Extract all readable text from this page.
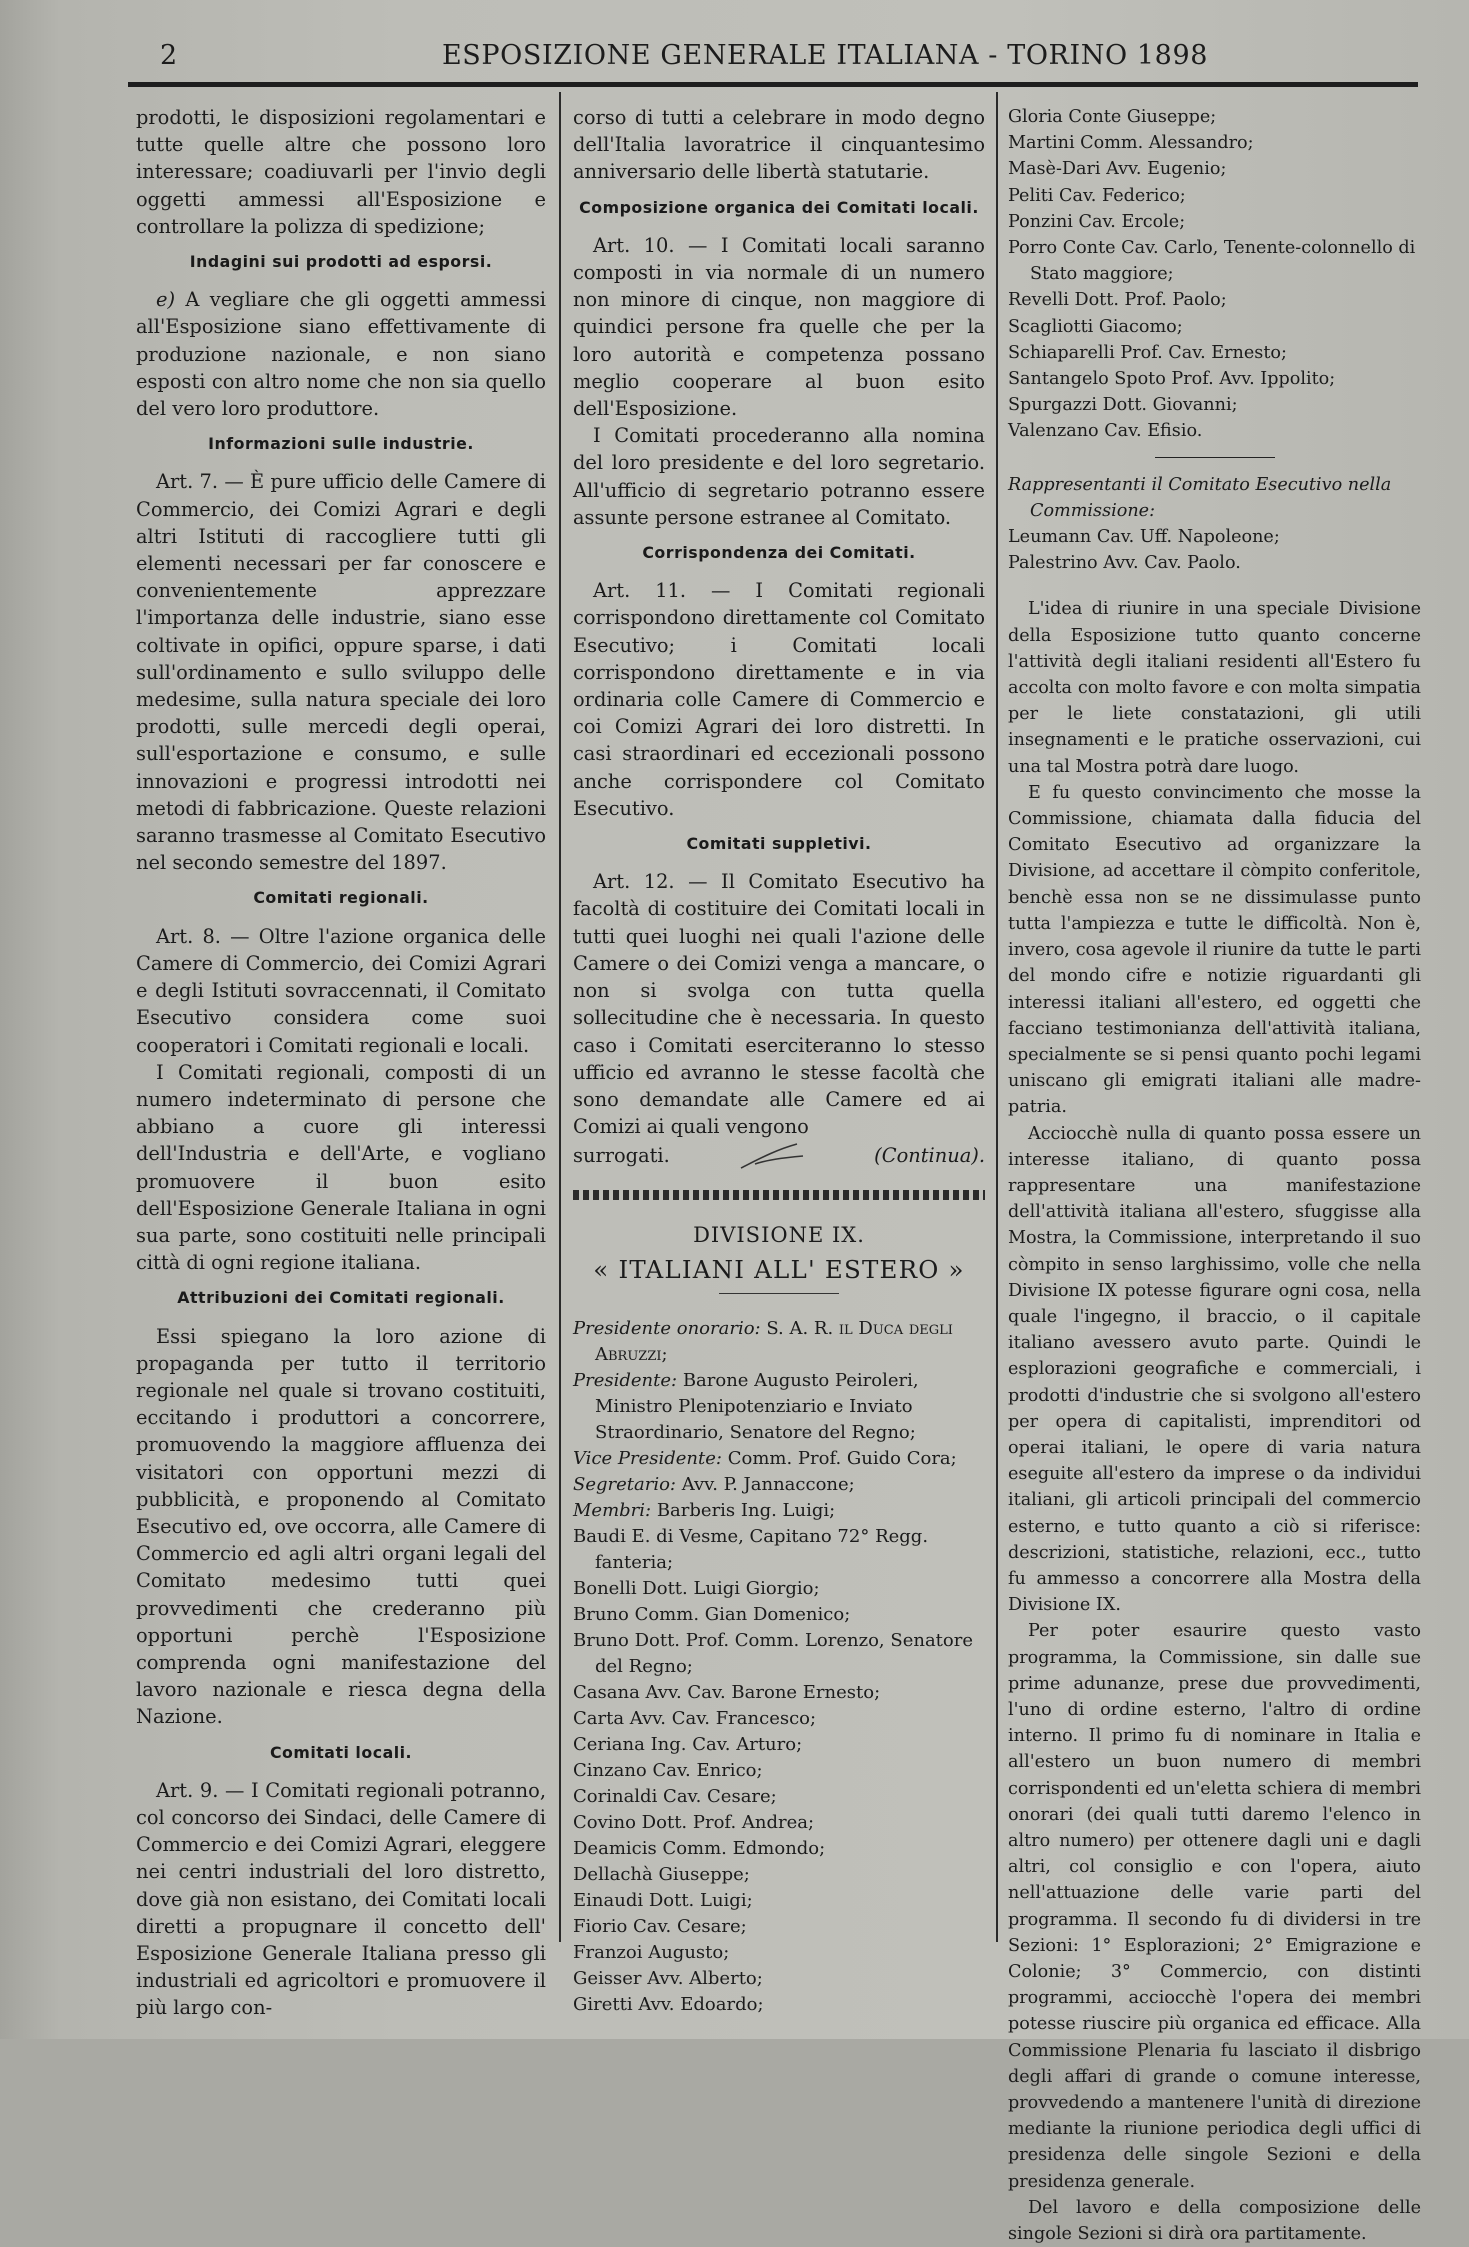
2	ESPOSIZIONE GENERALE ITALIANA - TORINO 1898

prodotti, le disposizioni regolamentari e tutte quelle altre che possono loro interessare; coadiuvarli per l'invio degli oggetti ammessi all'Esposizione e controllare la polizza di spedizione;

Indagini sui prodotti ad esporsi.

e) A vegliare che gli oggetti ammessi all'Esposizione siano effettivamente di produzione nazionale, e non siano esposti con altro nome che non sia quello del vero loro produttore.

Informazioni sulle industrie.

Art. 7. — È pure ufficio delle Camere di Commercio, dei Comizi Agrari e degli altri Istituti di raccogliere tutti gli elementi necessari per far conoscere e convenientemente apprezzare l'importanza delle industrie, siano esse coltivate in opifici, oppure sparse, i dati sull'ordinamento e sullo sviluppo delle medesime, sulla natura speciale dei loro prodotti, sulle mercedi degli operai, sull'esportazione e consumo, e sulle innovazioni e progressi introdotti nei metodi di fabbricazione. Queste relazioni saranno trasmesse al Comitato Esecutivo nel secondo semestre del 1897.

Comitati regionali.

Art. 8. — Oltre l'azione organica delle Camere di Commercio, dei Comizi Agrari e degli Istituti sovraccennati, il Comitato Esecutivo considera come suoi cooperatori i Comitati regionali e locali.

I Comitati regionali, composti di un numero indeterminato di persone che abbiano a cuore gli interessi dell'Industria e dell'Arte, e vogliano promuovere il buon esito dell'Esposizione Generale Italiana in ogni sua parte, sono costituiti nelle principali città di ogni regione italiana.

Attribuzioni dei Comitati regionali.

Essi spiegano la loro azione di propaganda per tutto il territorio regionale nel quale si trovano costituiti, eccitando i produttori a concorrere, promuovendo la maggiore affluenza dei visitatori con opportuni mezzi di pubblicità, e proponendo al Comitato Esecutivo ed, ove occorra, alle Camere di Commercio ed agli altri organi legali del Comitato medesimo tutti quei provvedimenti che crederanno più opportuni perchè l'Esposizione comprenda ogni manifestazione del lavoro nazionale e riesca degna della Nazione.

Comitati locali.

Art. 9. — I Comitati regionali potranno, col concorso dei Sindaci, delle Camere di Commercio e dei Comizi Agrari, eleggere nei centri industriali del loro distretto, dove già non esistano, dei Comitati locali diretti a propugnare il concetto dell' Esposizione Generale Italiana presso gli industriali ed agricoltori e promuovere il più largo con-

corso di tutti a celebrare in modo degno dell'Italia lavoratrice il cinquantesimo anniversario delle libertà statutarie.

Composizione organica dei Comitati locali.

Art. 10. — I Comitati locali saranno composti in via normale di un numero non minore di cinque, non maggiore di quindici persone fra quelle che per la loro autorità e competenza possano meglio cooperare al buon esito dell'Esposizione.

I Comitati procederanno alla nomina del loro presidente e del loro segretario. All'ufficio di segretario potranno essere assunte persone estranee al Comitato.

Corrispondenza dei Comitati.

Art. 11. — I Comitati regionali corrispondono direttamente col Comitato Esecutivo; i Comitati locali corrispondono direttamente e in via ordinaria colle Camere di Commercio e coi Comizi Agrari dei loro distretti. In casi straordinari ed eccezionali possono anche corrispondere col Comitato Esecutivo.

Comitati suppletivi.

Art. 12. — Il Comitato Esecutivo ha facoltà di costituire dei Comitati locali in tutti quei luoghi nei quali l'azione delle Camere o dei Comizi venga a mancare, o non si svolga con tutta quella sollecitudine che è necessaria. In questo caso i Comitati eserciteranno lo stesso ufficio ed avranno le stesse facoltà che sono demandate alle Camere ed ai Comizi ai quali vengono

surrogati.	(Continua).
DIVISIONE IX.
« ITALIANI ALL' ESTERO »

Presidente onorario: S. A. R. il Duca degli Abruzzi;

Presidente: Barone Augusto Peiroleri, Ministro Plenipotenziario e Inviato Straordinario, Senatore del Regno;

Vice Presidente: Comm. Prof. Guido Cora;

Segretario: Avv. P. Jannaccone;

Membri: Barberis Ing. Luigi;

Baudi E. di Vesme, Capitano 72° Regg. fanteria;

Bonelli Dott. Luigi Giorgio;

Bruno Comm. Gian Domenico;

Bruno Dott. Prof. Comm. Lorenzo, Senatore del Regno;

Casana Avv. Cav. Barone Ernesto;

Carta Avv. Cav. Francesco;

Ceriana Ing. Cav. Arturo;

Cinzano Cav. Enrico;

Corinaldi Cav. Cesare;

Covino Dott. Prof. Andrea;

Deamicis Comm. Edmondo;

Dellachà Giuseppe;

Einaudi Dott. Luigi;

Fiorio Cav. Cesare;

Franzoi Augusto;

Geisser Avv. Alberto;

Giretti Avv. Edoardo;

Gloria Conte Giuseppe;

Martini Comm. Alessandro;

Masè-Dari Avv. Eugenio;

Peliti Cav. Federico;

Ponzini Cav. Ercole;

Porro Conte Cav. Carlo, Tenente-colonnello di Stato maggiore;

Revelli Dott. Prof. Paolo;

Scagliotti Giacomo;

Schiaparelli Prof. Cav. Ernesto;

Santangelo Spoto Prof. Avv. Ippolito;

Spurgazzi Dott. Giovanni;

Valenzano Cav. Efisio.

Rappresentanti il Comitato Esecutivo nella Commissione:

Leumann Cav. Uff. Napoleone;

Palestrino Avv. Cav. Paolo.

L'idea di riunire in una speciale Divisione della Esposizione tutto quanto concerne l'attività degli italiani residenti all'Estero fu accolta con molto favore e con molta simpatia per le liete constatazioni, gli utili insegnamenti e le pratiche osservazioni, cui una tal Mostra potrà dare luogo.

E fu questo convincimento che mosse la Commissione, chiamata dalla fiducia del Comitato Esecutivo ad organizzare la Divisione, ad accettare il còmpito conferitole, benchè essa non se ne dissimulasse punto tutta l'ampiezza e tutte le difficoltà. Non è, invero, cosa agevole il riunire da tutte le parti del mondo cifre e notizie riguardanti gli interessi italiani all'estero, ed oggetti che facciano testimonianza dell'attività italiana, specialmente se si pensi quanto pochi legami uniscano gli emigrati italiani alle madre-patria.

Acciocchè nulla di quanto possa essere un interesse italiano, di quanto possa rappresentare una manifestazione dell'attività italiana all'estero, sfuggisse alla Mostra, la Commissione, interpretando il suo còmpito in senso larghissimo, volle che nella Divisione IX potesse figurare ogni cosa, nella quale l'ingegno, il braccio, o il capitale italiano avessero avuto parte. Quindi le esplorazioni geografiche e commerciali, i prodotti d'industrie che si svolgono all'estero per opera di capitalisti, imprenditori od operai italiani, le opere di varia natura eseguite all'estero da imprese o da individui italiani, gli articoli principali del commercio esterno, e tutto quanto a ciò si riferisce: descrizioni, statistiche, relazioni, ecc., tutto fu ammesso a concorrere alla Mostra della Divisione IX.

Per poter esaurire questo vasto programma, la Commissione, sin dalle sue prime adunanze, prese due provvedimenti, l'uno di ordine esterno, l'altro di ordine interno. Il primo fu di nominare in Italia e all'estero un buon numero di membri corrispondenti ed un'eletta schiera di membri onorari (dei quali tutti daremo l'elenco in altro numero) per ottenere dagli uni e dagli altri, col consiglio e con l'opera, aiuto nell'attuazione delle varie parti del programma. Il secondo fu di dividersi in tre Sezioni: 1° Esplorazioni; 2° Emigrazione e Colonie; 3° Commercio, con distinti programmi, acciocchè l'opera dei membri potesse riuscire più organica ed efficace. Alla Commissione Plenaria fu lasciato il disbrigo degli affari di grande o comune interesse, provvedendo a mantenere l'unità di direzione mediante la riunione periodica degli uffici di presidenza delle singole Sezioni e della presidenza generale.

Del lavoro e della composizione delle singole Sezioni si dirà ora partitamente.
